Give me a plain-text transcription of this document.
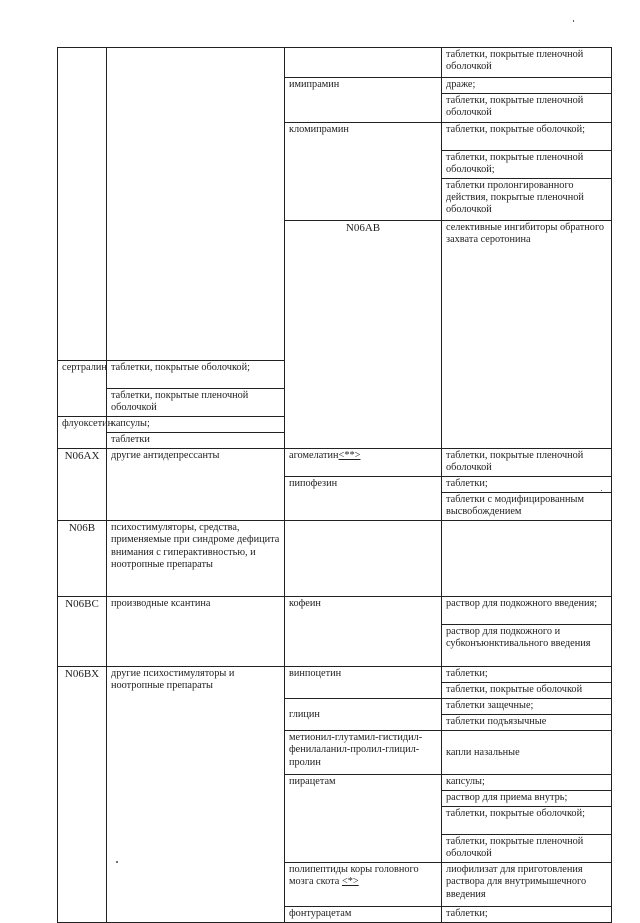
			таблетки, покрытые пленочной оболочкой	
		имипрамин	драже;	
			таблетки, покрытые пленочной оболочкой	
		кломипрамин	таблетки, покрытые оболочкой;	
			таблетки, покрытые пленочной оболочкой;	
			таблетки пролонгированного действия, покрытые пленочной оболочкой	
		N06AB	селективные ингибиторы обратного захвата серотонина		

сертралин	таблетки, покрытые оболочкой;			
	таблетки, покрытые пленочной оболочкой			
флуоксетин	капсулы;			
	таблетки			
N06AX	другие антидепрессанты	агомелатин<**>	таблетки, покрытые пленочной оболочкой	
		пипофезин	таблетки;	
			таблетки с модифицированным высвобождением	
N06B	психостимуляторы, средства, применяемые при синдроме дефицита внимания с гиперактивностью, и ноотропные препараты			
N06BC	производные ксантина	кофеин	раствор для подкожного введения;	
			раствор для подкожного и субконъюнктивального введения	
N06BX	другие психостимуляторы и ноотропные препараты	винпоцетин	таблетки;	
			таблетки, покрытые оболочкой	
		глицин	таблетки защечные;	
			таблетки подъязычные	
		метионил-глутамил-гистидил-фенилаланил-пролил-глицил-пролин	капли назальные	
		пирацетам	капсулы;	
			раствор для приема внутрь;	
			таблетки, покрытые оболочкой;	
			таблетки, покрытые пленочной оболочкой	
		полипептиды коры головного мозга скота <*>	лиофилизат для приготовления раствора для внутримышечного введения	
		фонтурацетам	таблетки;	
